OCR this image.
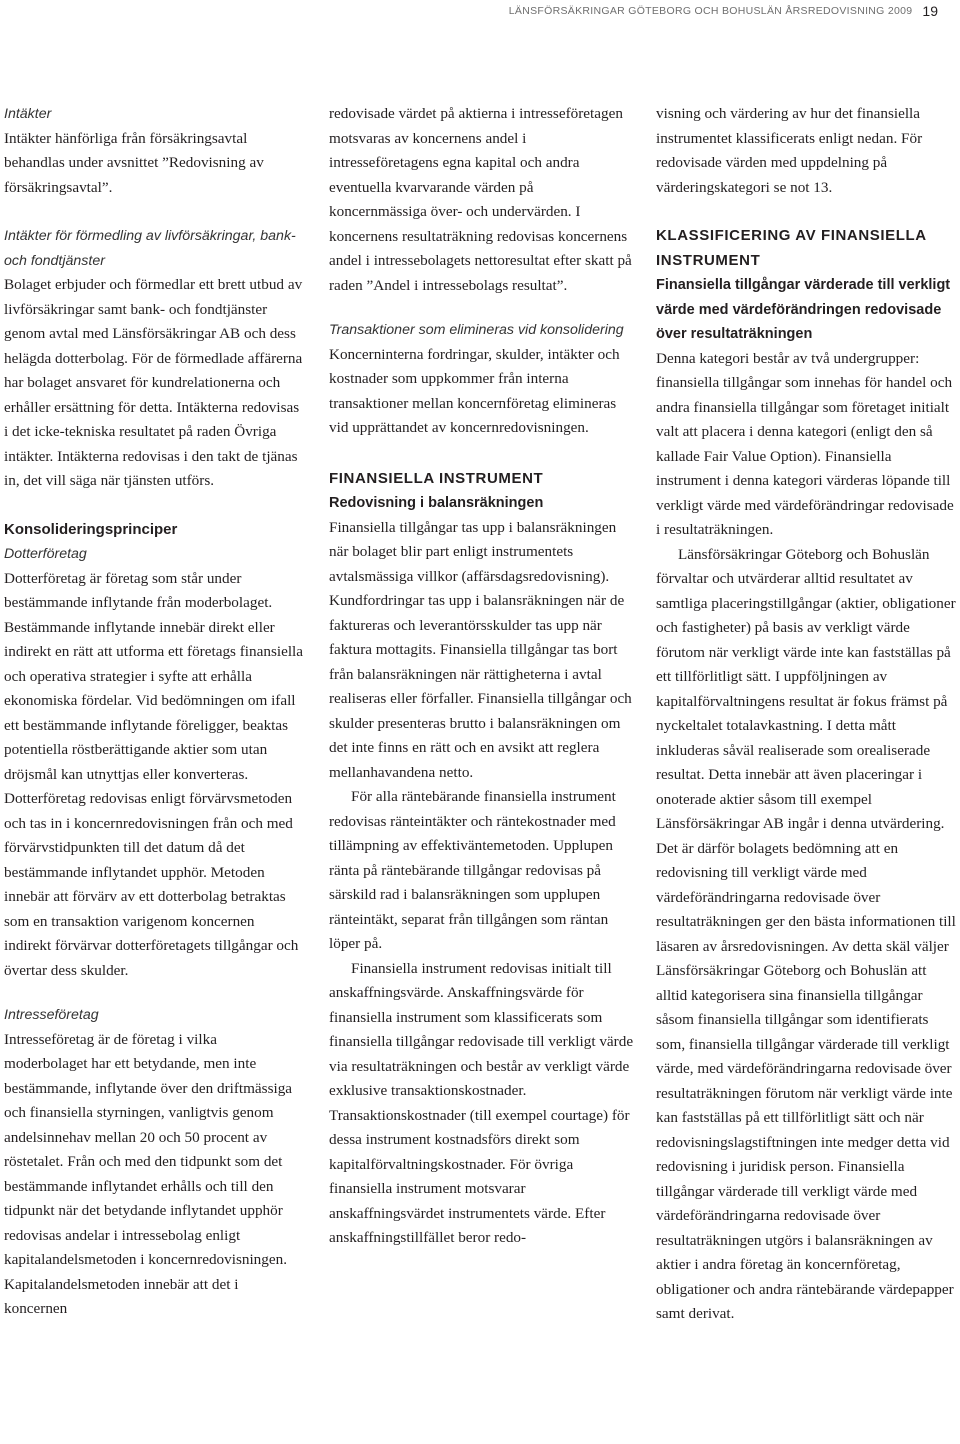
LÄNSFÖRSÄKRINGAR GÖTEBORG OCH BOHUSLÄN ÅRSREDOVISNING 2009 19

Intäkter

Intäkter hänförliga från försäkringsavtal behandlas under avsnittet ”Redovisning av försäkringsavtal”.

Intäkter för förmedling av livförsäkringar, bank- och fondtjänster

Bolaget erbjuder och förmedlar ett brett utbud av livförsäkringar samt bank- och fondtjänster genom avtal med Länsförsäkringar AB och dess helägda dotterbolag. För de förmedlade affärerna har bolaget ansvaret för kundrelationerna och erhåller ersättning för detta. Intäkterna redovisas i det icke-tekniska resultatet på raden Övriga intäkter. Intäkterna redovisas i den takt de tjänas in, det vill säga när tjänsten utförs.

Konsolideringsprinciper

Dotterföretag

Dotterföretag är företag som står under bestämmande inflytande från moderbolaget. Bestämmande inflytande innebär direkt eller indirekt en rätt att utforma ett företags finansiella och operativa strategier i syfte att erhålla ekonomiska fördelar. Vid bedömningen om ifall ett bestämmande inflytande föreligger, beaktas potentiella röstberättigande aktier som utan dröjsmål kan utnyttjas eller konverteras. Dotterföretag redovisas enligt förvärvsmetoden och tas in i koncernredovisningen från och med förvärvstidpunkten till det datum då det bestämmande inflytandet upphör. Metoden innebär att förvärv av ett dotterbolag betraktas som en transaktion varigenom koncernen indirekt förvärvar dotterföretagets tillgångar och övertar dess skulder.

Intresseföretag

Intresseföretag är de företag i vilka moderbolaget har ett betydande, men inte bestämmande, inflytande över den driftmässiga och finansiella styrningen, vanligtvis genom andelsinnehav mellan 20 och 50 procent av röstetalet. Från och med den tidpunkt som det bestämmande inflytandet erhålls och till den tidpunkt när det betydande inflytandet upphör redovisas andelar i intressebolag enligt kapitalandelsmetoden i koncernredovisningen. Kapitalandelsmetoden innebär att det i koncernen

redovisade värdet på aktierna i intresseföretagen motsvaras av koncernens andel i intresseföretagens egna kapital och andra eventuella kvarvarande värden på koncernmässiga över- och undervärden. I koncernens resultaträkning redovisas koncernens andel i intressebolagets nettoresultat efter skatt på raden ”Andel i intressebolags resultat”.

Transaktioner som elimineras vid konsolidering

Koncerninterna fordringar, skulder, intäkter och kostnader som uppkommer från interna transaktioner mellan koncernföretag elimineras vid upprättandet av koncernredovisningen.

FINANSIELLA INSTRUMENT

Redovisning i balansräkningen

Finansiella tillgångar tas upp i balansräkningen när bolaget blir part enligt instrumentets avtalsmässiga villkor (affärsdagsredovisning). Kundfordringar tas upp i balansräkningen när de faktureras och leverantörsskulder tas upp när faktura mottagits. Finansiella tillgångar tas bort från balansräkningen när rättigheterna i avtal realiseras eller förfaller. Finansiella tillgångar och skulder presenteras brutto i balansräkningen om det inte finns en rätt och en avsikt att reglera mellanhavandena netto.

För alla räntebärande finansiella instrument redovisas ränteintäkter och räntekostnader med tillämpning av effektiväntemetoden. Upplupen ränta på räntebärande tillgångar redovisas på särskild rad i balansräkningen som upplupen ränteintäkt, separat från tillgången som räntan löper på.

Finansiella instrument redovisas initialt till anskaffningsvärde. Anskaffningsvärde för finansiella instrument som klassificerats som finansiella tillgångar redovisade till verkligt värde via resultaträkningen och består av verkligt värde exklusive transaktionskostnader. Transaktionskostnader (till exempel courtage) för dessa instrument kostnadsförs direkt som kapitalförvaltningskostnader. För övriga finansiella instrument motsvarar anskaffningsvärdet instrumentets värde. Efter anskaffningstillfället beror redo-

visning och värdering av hur det finansiella instrumentet klassificerats enligt nedan. För redovisade värden med uppdelning på värderingskategori se not 13.

KLASSIFICERING AV FINANSIELLA INSTRUMENT

Finansiella tillgångar värderade till verkligt värde med värdeförändringen redovisade över resultaträkningen

Denna kategori består av två undergrupper: finansiella tillgångar som innehas för handel och andra finansiella tillgångar som företaget initialt valt att placera i denna kategori (enligt den så kallade Fair Value Option). Finansiella instrument i denna kategori värderas löpande till verkligt värde med värdeförändringar redovisade i resultaträkningen.

Länsförsäkringar Göteborg och Bohuslän förvaltar och utvärderar alltid resultatet av samtliga placeringstillgångar (aktier, obligationer och fastigheter) på basis av verkligt värde förutom när verkligt värde inte kan fastställas på ett tillförlitligt sätt. I uppföljningen av kapitalförvaltningens resultat är fokus främst på nyckeltalet totalavkastning. I detta mått inkluderas såväl realiserade som orealiserade resultat. Detta innebär att även placeringar i onoterade aktier såsom till exempel Länsförsäkringar AB ingår i denna utvärdering. Det är därför bolagets bedömning att en redovisning till verkligt värde med värdeförändringarna redovisade över resultaträkningen ger den bästa informationen till läsaren av årsredovisningen. Av detta skäl väljer Länsförsäkringar Göteborg och Bohuslän att alltid kategorisera sina finansiella tillgångar såsom finansiella tillgångar som identifierats som, finansiella tillgångar värderade till verkligt värde, med värdeförändringarna redovisade över resultaträkningen förutom när verkligt värde inte kan fastställas på ett tillförlitligt sätt och när redovisningslagstiftningen inte medger detta vid redovisning i juridisk person. Finansiella tillgångar värderade till verkligt värde med värdeförändringarna redovisade över resultaträkningen utgörs i balansräkningen av aktier i andra företag än koncernföretag, obligationer och andra räntebärande värdepapper samt derivat.
